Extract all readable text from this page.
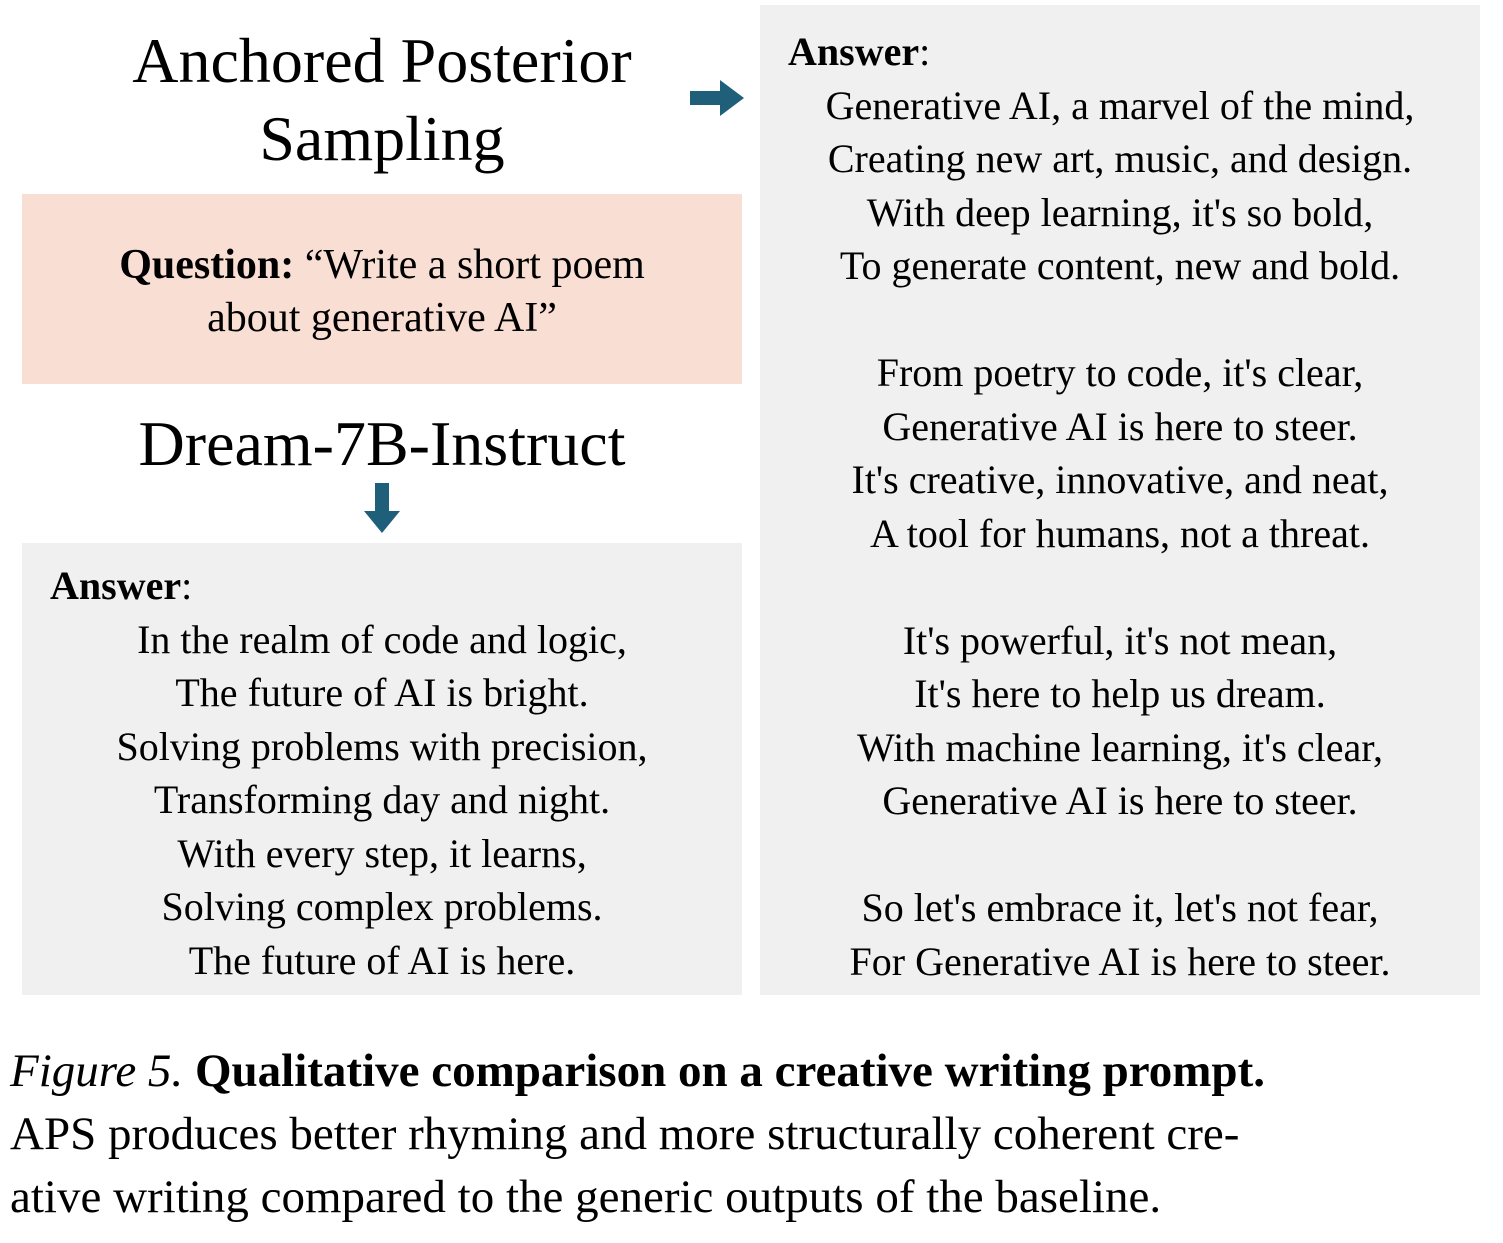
Anchored Posterior
Sampling
Question: “Write a short poem
about generative AI”
Dream-7B-Instruct
Answer:
In the realm of code and logic,
The future of AI is bright.
Solving problems with precision,
Transforming day and night.
With every step, it learns,
Solving complex problems.
The future of AI is here.
Answer:
Generative AI, a marvel of the mind,
Creating new art, music, and design.
With deep learning, it's so bold,
To generate content, new and bold.
From poetry to code, it's clear,
Generative AI is here to steer.
It's creative, innovative, and neat,
A tool for humans, not a threat.
It's powerful, it's not mean,
It's here to help us dream.
With machine learning, it's clear,
Generative AI is here to steer.
So let's embrace it, let's not fear,
For Generative AI is here to steer.
Figure 5. Qualitative comparison on a creative writing prompt.
APS produces better rhyming and more structurally coherent cre-
ative writing compared to the generic outputs of the baseline.
